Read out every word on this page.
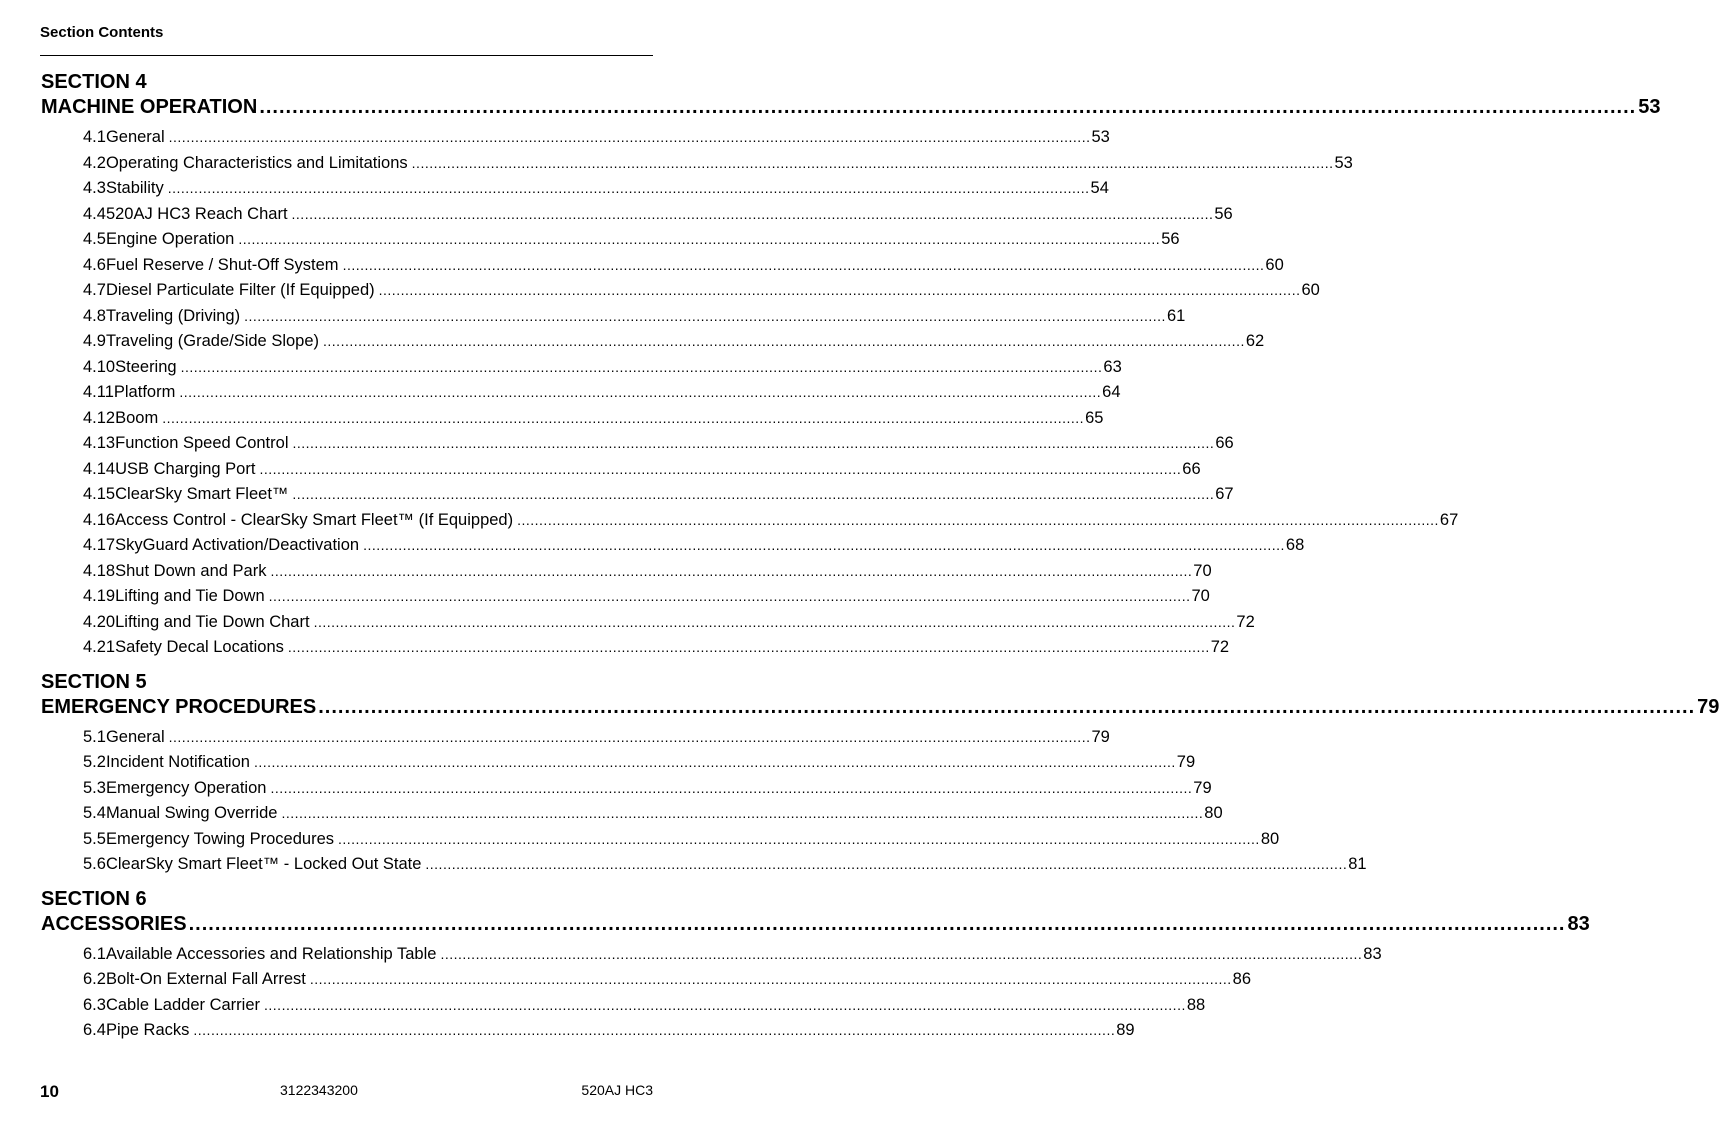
Section Contents
SECTION 4
MACHINE OPERATION .................................................................................................................................................................................................................. 53
4.1 General .................................................................................................................................................................................................................. 53
4.2 Operating Characteristics and Limitations .................................................................................................................................................................................................................. 53
4.3 Stability .................................................................................................................................................................................................................. 54
4.4 520AJ HC3 Reach Chart .................................................................................................................................................................................................................. 56
4.5 Engine Operation .................................................................................................................................................................................................................. 56
4.6 Fuel Reserve / Shut-Off System .................................................................................................................................................................................................................. 60
4.7 Diesel Particulate Filter (If Equipped) .................................................................................................................................................................................................................. 60
4.8 Traveling (Driving) .................................................................................................................................................................................................................. 61
4.9 Traveling (Grade/Side Slope) .................................................................................................................................................................................................................. 62
4.10 Steering .................................................................................................................................................................................................................. 63
4.11 Platform .................................................................................................................................................................................................................. 64
4.12 Boom .................................................................................................................................................................................................................. 65
4.13 Function Speed Control .................................................................................................................................................................................................................. 66
4.14 USB Charging Port .................................................................................................................................................................................................................. 66
4.15 ClearSky Smart Fleet™ .................................................................................................................................................................................................................. 67
4.16 Access Control - ClearSky Smart Fleet™ (If Equipped) .................................................................................................................................................................................................................. 67
4.17 SkyGuard Activation/Deactivation .................................................................................................................................................................................................................. 68
4.18 Shut Down and Park .................................................................................................................................................................................................................. 70
4.19 Lifting and Tie Down .................................................................................................................................................................................................................. 70
4.20 Lifting and Tie Down Chart .................................................................................................................................................................................................................. 72
4.21 Safety Decal Locations .................................................................................................................................................................................................................. 72
SECTION 5
EMERGENCY PROCEDURES .................................................................................................................................................................................................................. 79
5.1 General .................................................................................................................................................................................................................. 79
5.2 Incident Notification .................................................................................................................................................................................................................. 79
5.3 Emergency Operation .................................................................................................................................................................................................................. 79
5.4 Manual Swing Override .................................................................................................................................................................................................................. 80
5.5 Emergency Towing Procedures .................................................................................................................................................................................................................. 80
5.6 ClearSky Smart Fleet™ - Locked Out State .................................................................................................................................................................................................................. 81
SECTION 6
ACCESSORIES .................................................................................................................................................................................................................. 83
6.1 Available Accessories and Relationship Table .................................................................................................................................................................................................................. 83
6.2 Bolt-On External Fall Arrest .................................................................................................................................................................................................................. 86
6.3 Cable Ladder Carrier .................................................................................................................................................................................................................. 88
6.4 Pipe Racks .................................................................................................................................................................................................................. 89
10	3122343200	520AJ HC3
